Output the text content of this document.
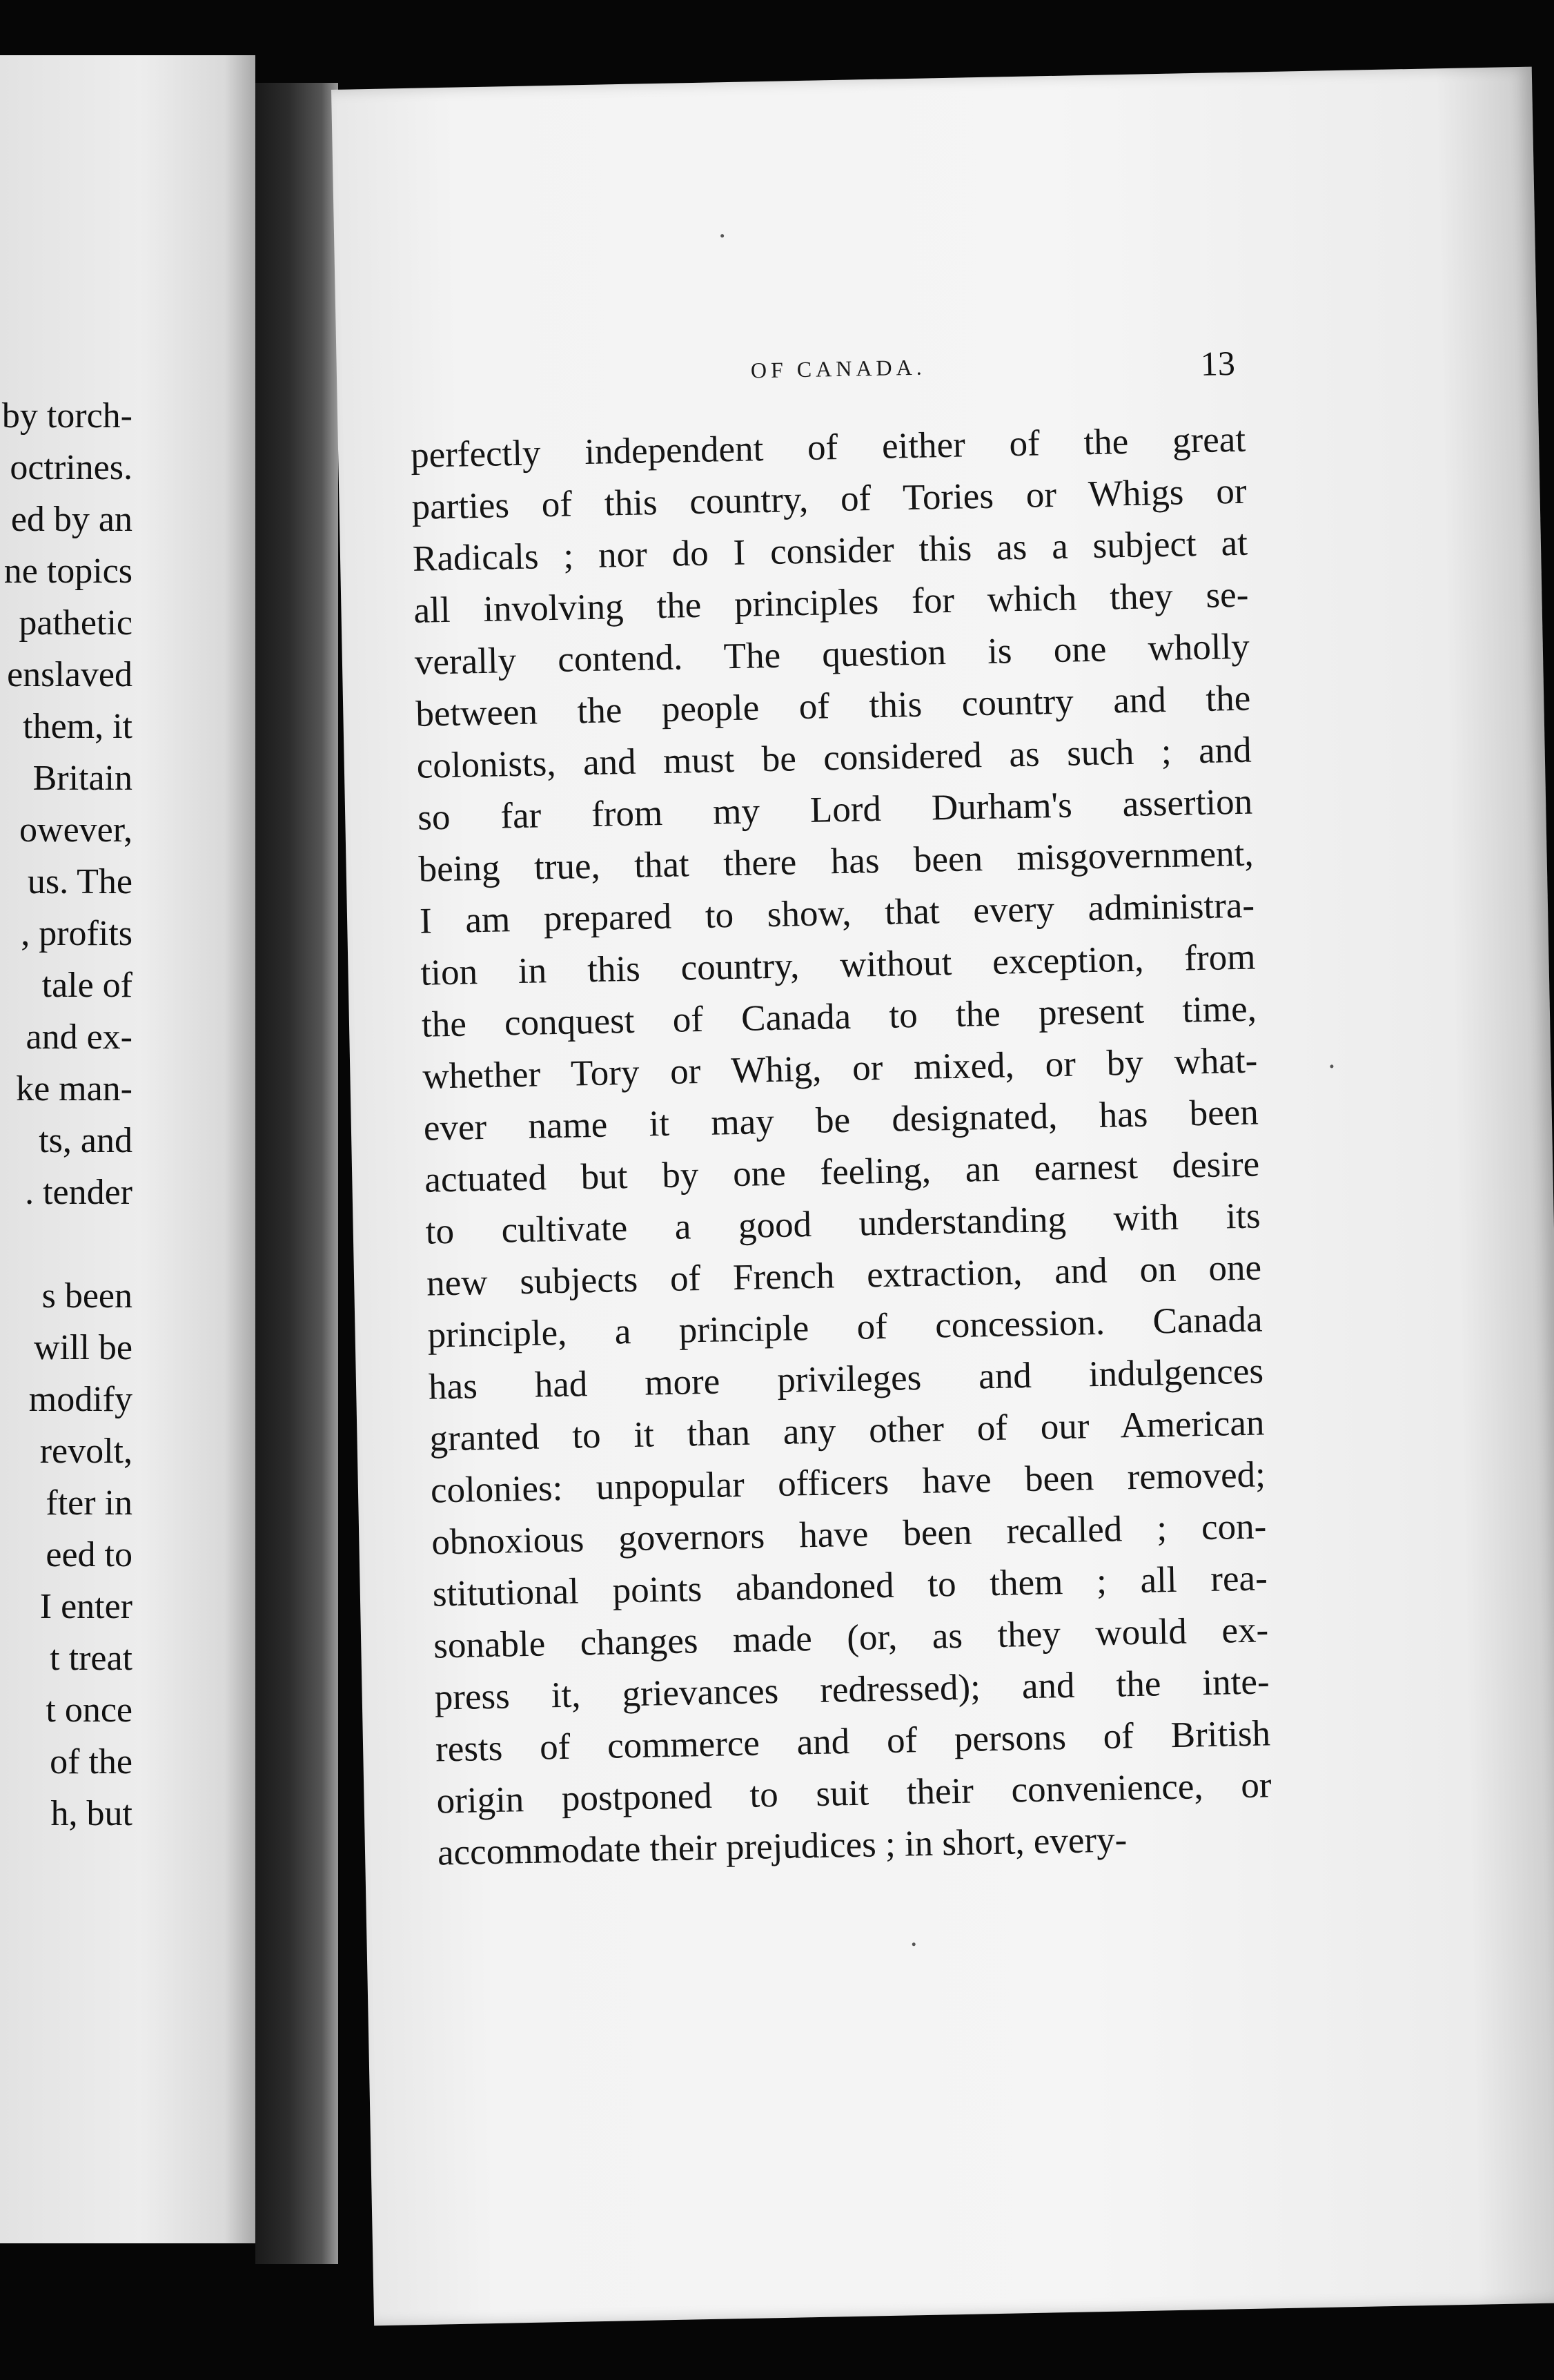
by torch-
octrines.
ed by an
ne topics
pathetic
enslaved
them, it
Britain
owever,
us. The
, profits
tale of
and ex-
ke man-
ts, and
. tender
s been
will be
modify
revolt,
fter in
eed to
I enter
t treat
t once
of the
h, but
OF CANADA.	13
perfectly independent of either of the great
parties of this country, of Tories or Whigs or
Radicals ; nor do I consider this as a subject at
all involving the principles for which they se-
verally contend. The question is one wholly
between the people of this country and the
colonists, and must be considered as such ; and
so far from my Lord Durham's assertion
being true, that there has been misgovernment,
I am prepared to show, that every administra-
tion in this country, without exception, from
the conquest of Canada to the present time,
whether Tory or Whig, or mixed, or by what-
ever name it may be designated, has been
actuated but by one feeling, an earnest desire
to cultivate a good understanding with its
new subjects of French extraction, and on one
principle, a principle of concession. Canada
has had more privileges and indulgences
granted to it than any other of our American
colonies: unpopular officers have been removed;
obnoxious governors have been recalled ; con-
stitutional points abandoned to them ; all rea-
sonable changes made (or, as they would ex-
press it, grievances redressed); and the inte-
rests of commerce and of persons of British
origin postponed to suit their convenience, or
accommodate their prejudices ; in short, every-
